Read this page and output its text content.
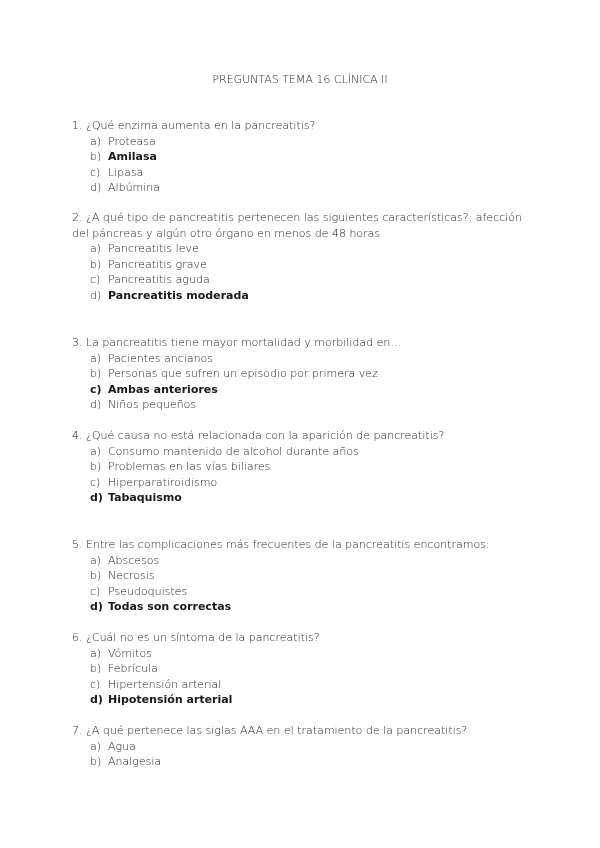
PREGUNTAS TEMA 16 CLÍNICA II

1. ¿Qué enzima aumenta en la pancreatitis?

a) Proteasa
b) Amilasa
c) Lipasa
d) Albúmina

2. ¿A qué tipo de pancreatitis pertenecen las siguientes características?: afección del páncreas y algún otro órgano en menos de 48 horas

a) Pancreatitis leve
b) Pancreatitis grave
c) Pancreatitis aguda
d) Pancreatitis moderada

3. La pancreatitis tiene mayor mortalidad y morbilidad en…

a) Pacientes ancianos
b) Personas que sufren un episodio por primera vez
c) Ambas anteriores
d) Niños pequeños

4. ¿Qué causa no está relacionada con la aparición de pancreatitis?

a) Consumo mantenido de alcohol durante años
b) Problemas en las vías biliares
c) Hiperparatiroidismo
d) Tabaquismo

5. Entre las complicaciones más frecuentes de la pancreatitis encontramos:

a) Abscesos
b) Necrosis
c) Pseudoquistes
d) Todas son correctas

6. ¿Cuál no es un síntoma de la pancreatitis?

a) Vómitos
b) Febrícula
c) Hipertensión arterial
d) Hipotensión arterial

7. ¿A qué pertenece las siglas AAA en el tratamiento de la pancreatitis?

a) Agua
b) Analgesia
